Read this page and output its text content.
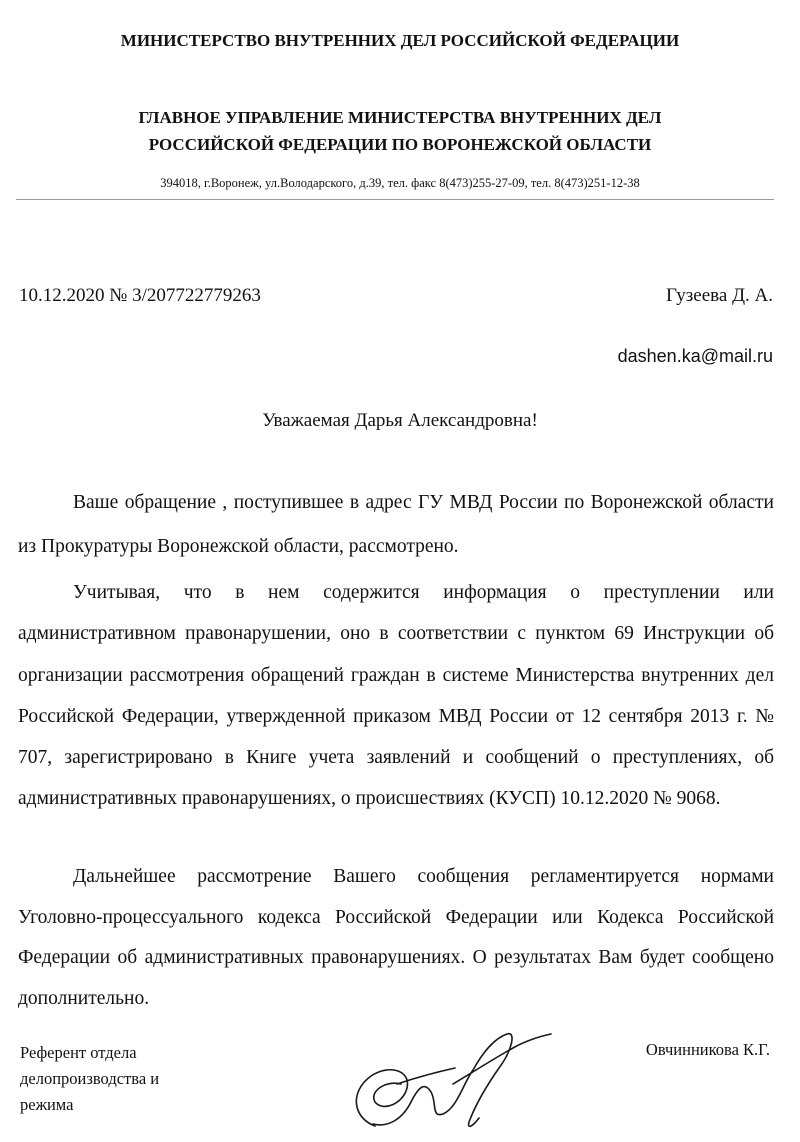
МИНИСТЕРСТВО ВНУТРЕННИХ ДЕЛ РОССИЙСКОЙ ФЕДЕРАЦИИ
ГЛАВНОЕ УПРАВЛЕНИЕ МИНИСТЕРСТВА ВНУТРЕННИХ ДЕЛ
РОССИЙСКОЙ ФЕДЕРАЦИИ ПО ВОРОНЕЖСКОЙ ОБЛАСТИ
394018, г.Воронеж, ул.Володарского, д.39, тел. факс 8(473)255-27-09, тел. 8(473)251-12-38
10.12.2020 № 3/207722779263	Гузеева Д. А.
dashen.ka@mail.ru
Уважаемая Дарья Александровна!
Ваше обращение , поступившее в адрес ГУ МВД России по Воронежской области из Прокуратуры Воронежской области, рассмотрено.
Учитывая, что в нем содержится информация о преступлении или административном правонарушении, оно в соответствии с пунктом 69 Инструкции об организации рассмотрения обращений граждан в системе Министерства внутренних дел Российской Федерации, утвержденной приказом МВД России от 12 сентября 2013 г. № 707, зарегистрировано в Книге учета заявлений и сообщений о преступлениях, об административных правонарушениях, о происшествиях (КУСП) 10.12.2020 № 9068.
Дальнейшее рассмотрение Вашего сообщения регламентируется нормами Уголовно-процессуального кодекса Российской Федерации или Кодекса Российской Федерации об административных правонарушениях. О результатах Вам будет сообщено дополнительно.
Референт отдела
делопроизводства и
режима
Овчинникова К.Г.
